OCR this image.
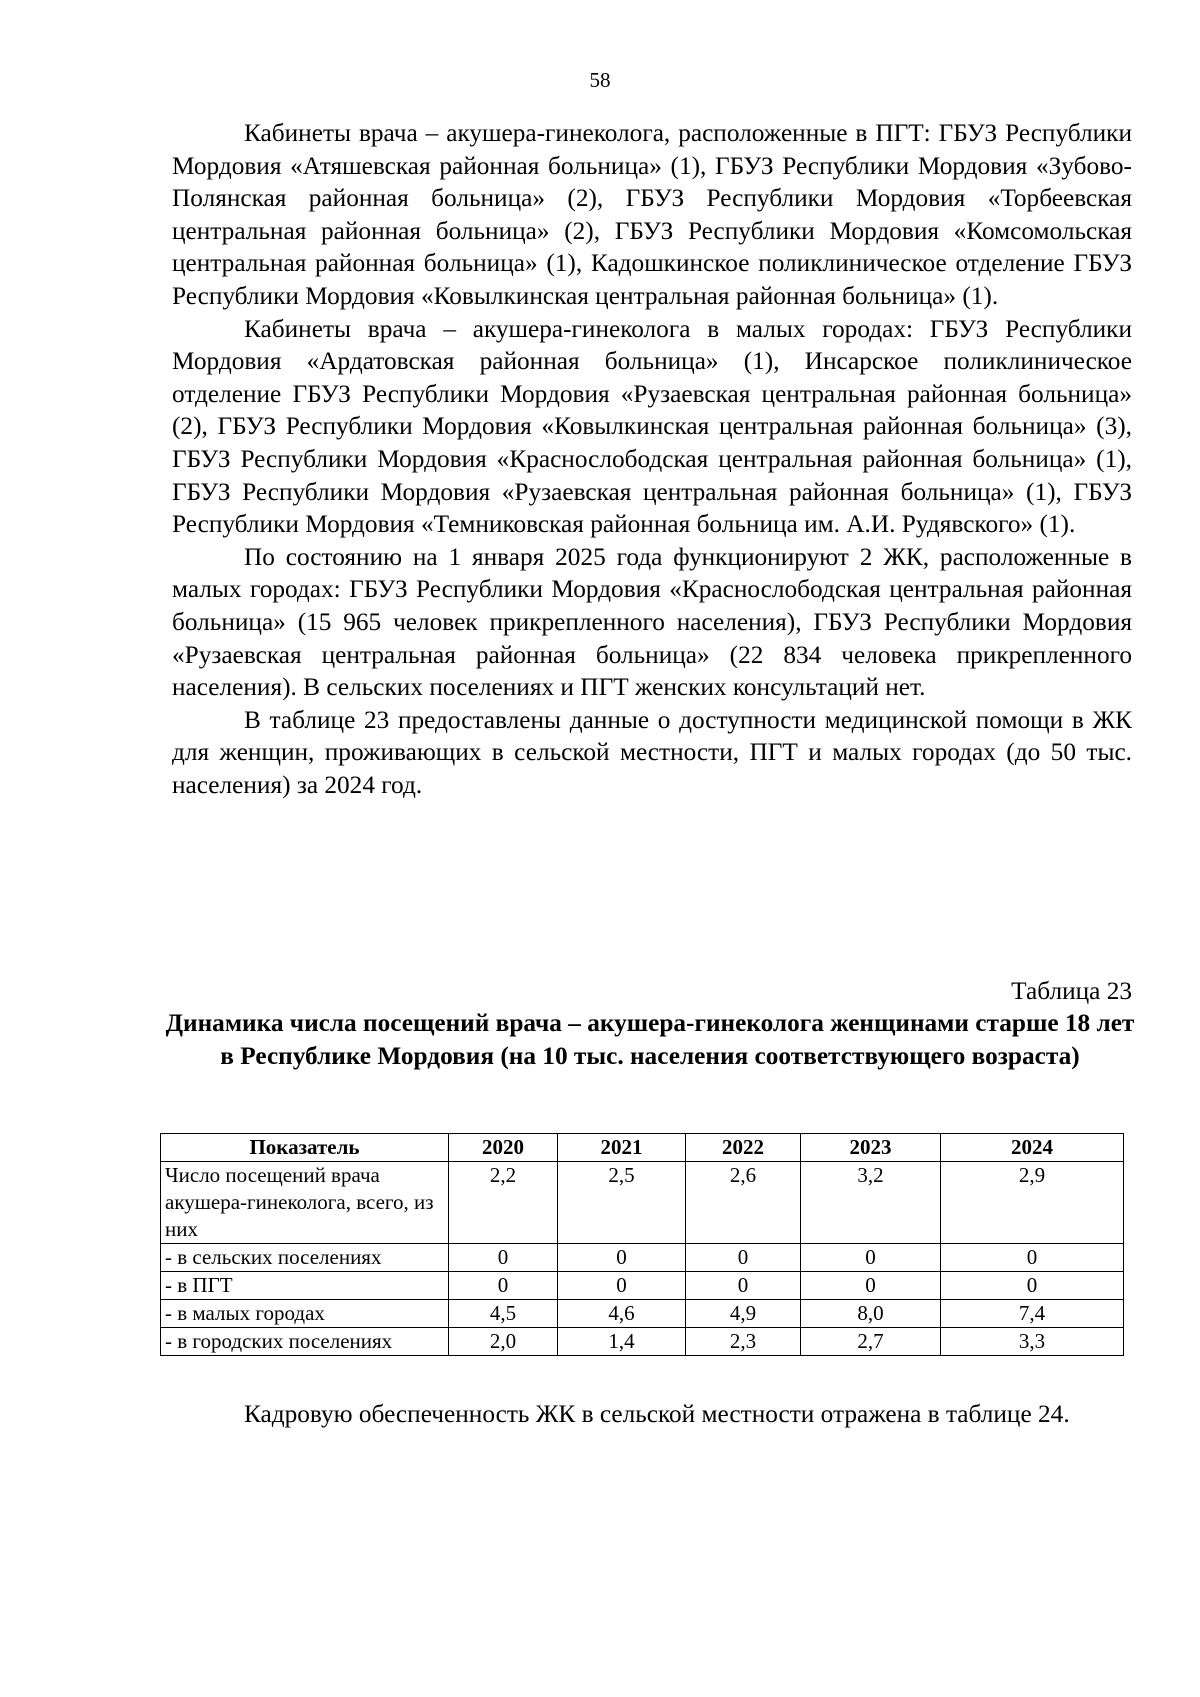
58

Кабинеты врача – акушера-гинеколога, расположенные в ПГТ: ГБУЗ Республики Мордовия «Атяшевская районная больница» (1), ГБУЗ Республики Мордовия «Зубово-Полянская районная больница» (2), ГБУЗ Республики Мордовия «Торбеевская центральная районная больница» (2), ГБУЗ Республики Мордовия «Комсомольская центральная районная больница» (1), Кадошкинское поликлиническое отделение ГБУЗ Республики Мордовия «Ковылкинская центральная районная больница» (1).

Кабинеты врача – акушера-гинеколога в малых городах: ГБУЗ Республики Мордовия «Ардатовская районная больница» (1), Инсарское поликлиническое отделение ГБУЗ Республики Мордовия «Рузаевская центральная районная больница» (2), ГБУЗ Республики Мордовия «Ковылкинская центральная районная больница» (3), ГБУЗ Республики Мордовия «Краснослободская центральная районная больница» (1), ГБУЗ Республики Мордовия «Рузаевская центральная районная больница» (1), ГБУЗ Республики Мордовия «Темниковская районная больница им. А.И. Рудявского» (1).

По состоянию на 1 января 2025 года функционируют 2 ЖК, расположенные в малых городах: ГБУЗ Республики Мордовия «Краснослободская центральная районная больница» (15 965 человек прикрепленного населения), ГБУЗ Республики Мордовия «Рузаевская центральная районная больница» (22 834 человека прикрепленного населения). В сельских поселениях и ПГТ женских консультаций нет.

В таблице 23 предоставлены данные о доступности медицинской помощи в ЖК для женщин, проживающих в сельской местности, ПГТ и малых городах (до 50 тыс. населения) за 2024 год.

Таблица 23
Динамика числа посещений врача – акушера-гинеколога женщинами старше 18 лет в Республике Мордовия (на 10 тыс. населения соответствующего возраста)
Показатель	2020	2021	2022	2023	2024
Число посещений врача акушера-гинеколога, всего, из них	2,2	2,5	2,6	3,2	2,9
- в сельских поселениях	0	0	0	0	0
- в ПГТ	0	0	0	0	0
- в малых городах	4,5	4,6	4,9	8,0	7,4
- в городских поселениях	2,0	1,4	2,3	2,7	3,3

Кадровую обеспеченность ЖК в сельской местности отражена в таблице 24.
